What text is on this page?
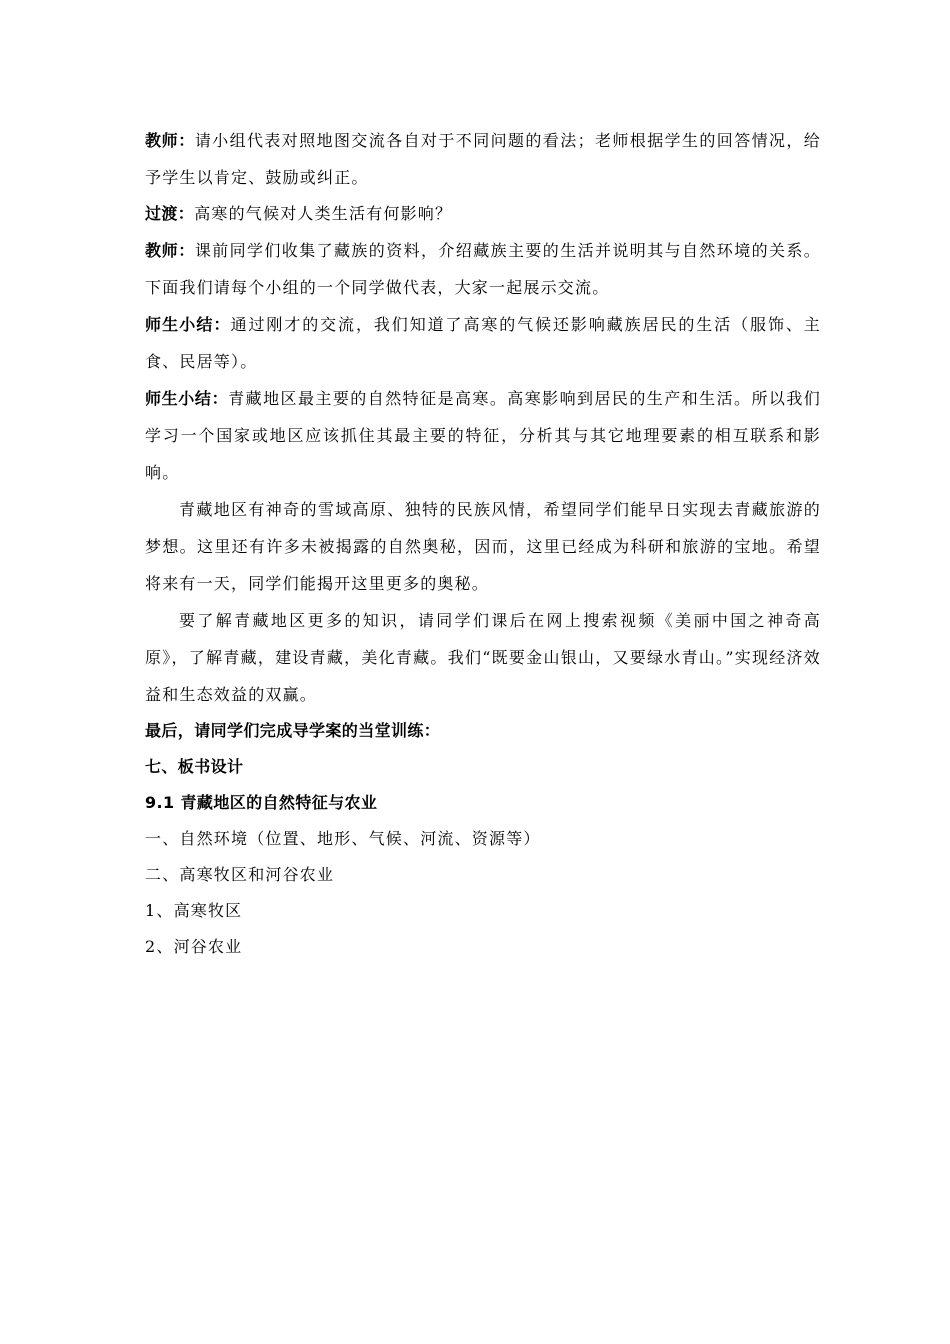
教师：请小组代表对照地图交流各自对于不同问题的看法；老师根据学生的回答情况，给予学生以肯定、鼓励或纠正。

过渡：高寒的气候对人类生活有何影响？

教师：课前同学们收集了藏族的资料，介绍藏族主要的生活并说明其与自然环境的关系。下面我们请每个小组的一个同学做代表，大家一起展示交流。

师生小结：通过刚才的交流，我们知道了高寒的气候还影响藏族居民的生活（服饰、主食、民居等）。

师生小结：青藏地区最主要的自然特征是高寒。高寒影响到居民的生产和生活。所以我们学习一个国家或地区应该抓住其最主要的特征，分析其与其它地理要素的相互联系和影响。

青藏地区有神奇的雪域高原、独特的民族风情，希望同学们能早日实现去青藏旅游的梦想。这里还有许多未被揭露的自然奥秘，因而，这里已经成为科研和旅游的宝地。希望将来有一天，同学们能揭开这里更多的奥秘。

要了解青藏地区更多的知识，请同学们课后在网上搜索视频《美丽中国之神奇高原》，了解青藏，建设青藏，美化青藏。我们“既要金山银山，又要绿水青山。”实现经济效益和生态效益的双赢。

最后，请同学们完成导学案的当堂训练：

七、板书设计

9.1 青藏地区的自然特征与农业

一、自然环境（位置、地形、气候、河流、资源等）

二、高寒牧区和河谷农业

1、高寒牧区

2、河谷农业
